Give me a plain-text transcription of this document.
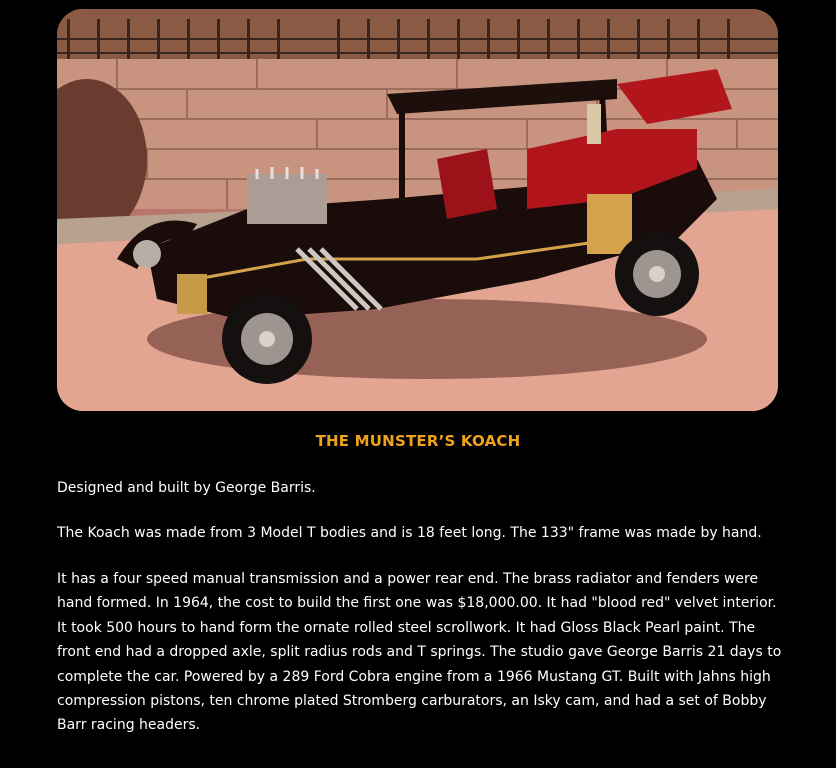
THE MUNSTER’S KOACH
Designed and built by George Barris.
The Koach was made from 3 Model T bodies and is 18 feet long. The 133" frame was made by hand.
It has a four speed manual transmission and a power rear end. The brass radiator and fenders were hand formed. In 1964, the cost to build the first one was $18,000.00. It had "blood red" velvet interior. It took 500 hours to hand form the ornate rolled steel scrollwork. It had Gloss Black Pearl paint. The front end had a dropped axle, split radius rods and T springs. The studio gave George Barris 21 days to complete the car. Powered by a 289 Ford Cobra engine from a 1966 Mustang GT. Built with Jahns high compression pistons, ten chrome plated Stromberg carburators, an Isky cam, and had a set of Bobby Barr racing headers.
